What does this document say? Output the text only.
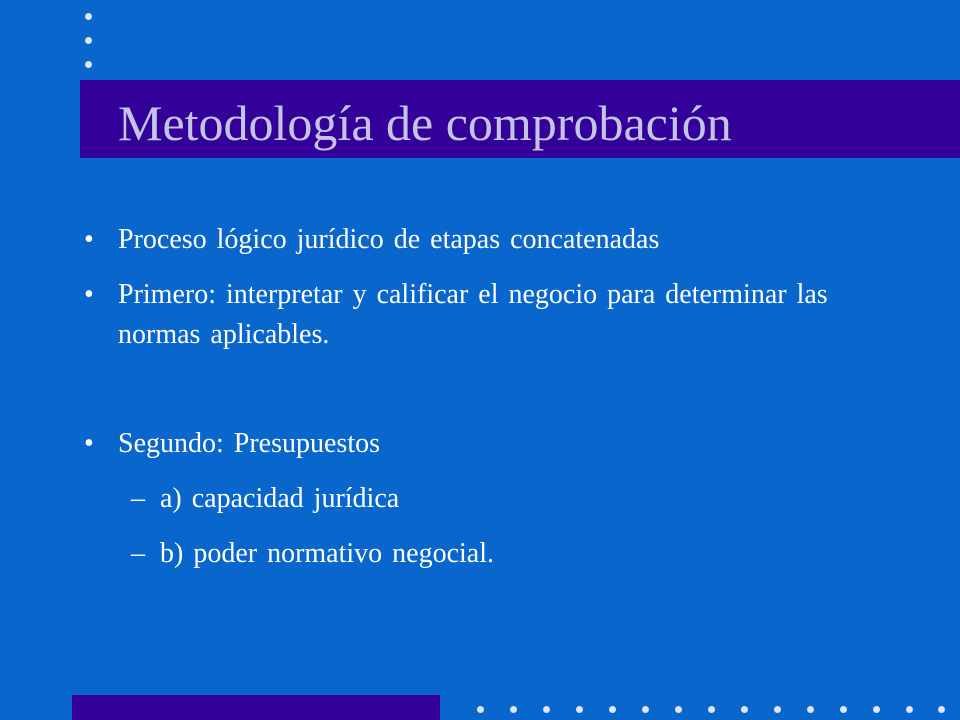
Metodología de comprobación
• Proceso lógico jurídico de etapas concatenadas
• Primero: interpretar y calificar el negocio para determinar las normas aplicables.
• Segundo: Presupuestos
– a) capacidad jurídica
– b) poder normativo negocial.
